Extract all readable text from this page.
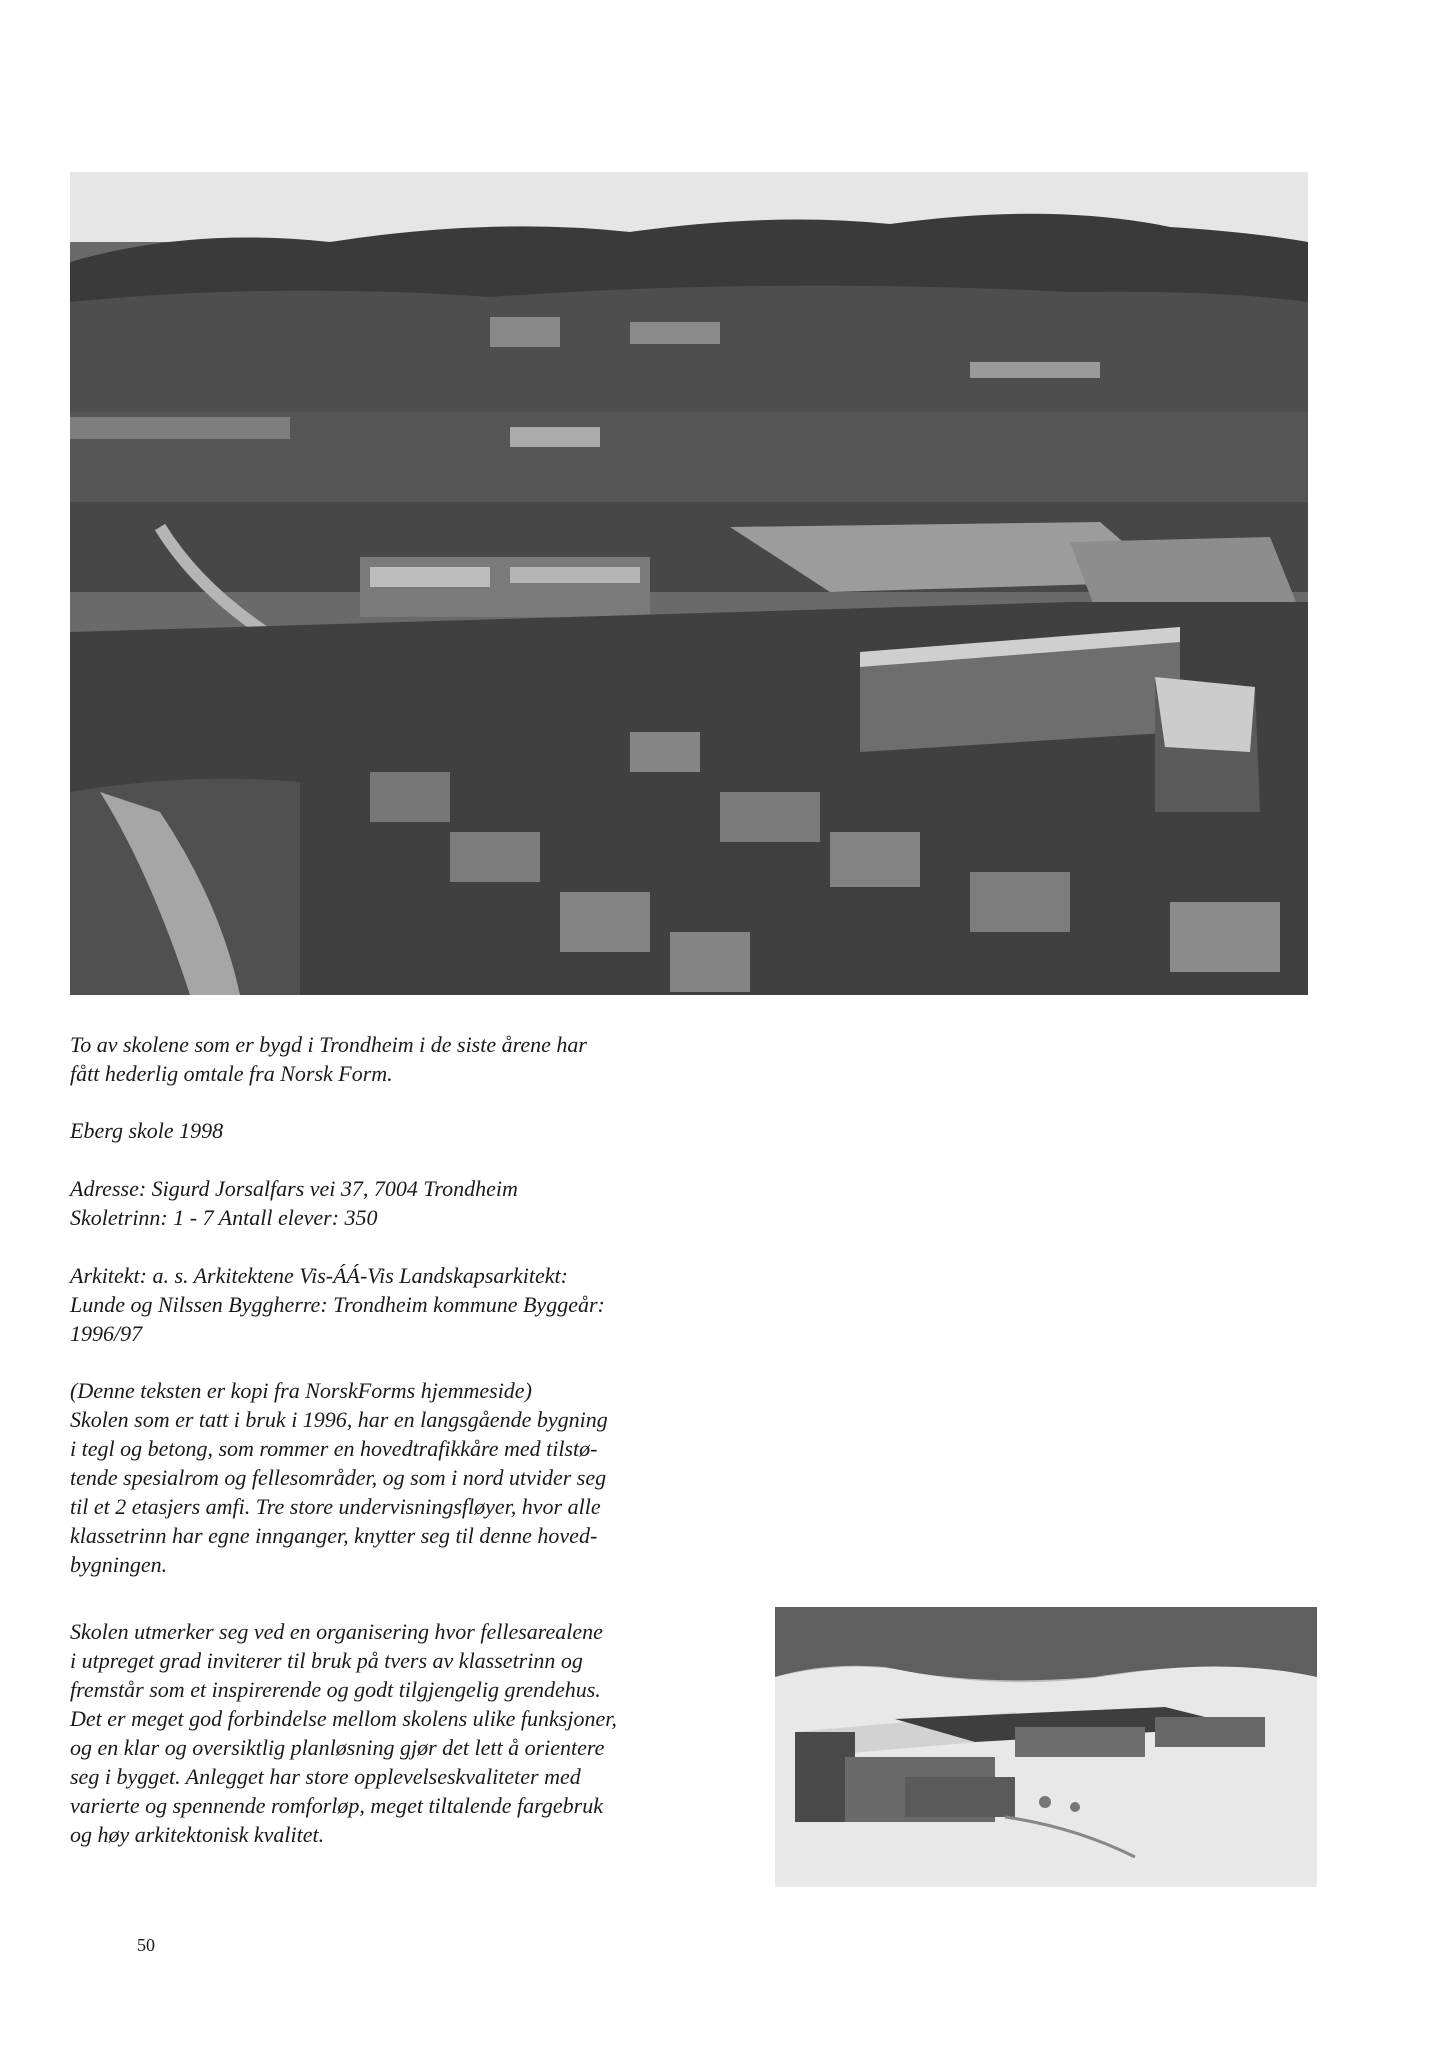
To av skolene som er bygd i Trondheim i de siste årene har

fått hederlig omtale fra Norsk Form.

Eberg skole 1998

Adresse: Sigurd Jorsalfars vei 37, 7004 Trondheim

Skoletrinn: 1 - 7 Antall elever: 350

Arkitekt: a. s. Arkitektene Vis-ÁÁ-Vis Landskapsarkitekt:

Lunde og Nilssen Byggherre: Trondheim kommune Byggeår:

1996/97

(Denne teksten er kopi fra NorskForms hjemmeside)

Skolen som er tatt i bruk i 1996, har en langsgående bygning

i tegl og betong, som rommer en hovedtrafikkåre med tilstø-

tende spesialrom og fellesområder, og som i nord utvider seg

til et 2 etasjers amfi. Tre store undervisningsfløyer, hvor alle

klassetrinn har egne innganger, knytter seg til denne hoved-

bygningen.

Skolen utmerker seg ved en organisering hvor fellesarealene

i utpreget grad inviterer til bruk på tvers av klassetrinn og

fremstår som et inspirerende og godt tilgjengelig grendehus.

Det er meget god forbindelse mellom skolens ulike funksjoner,

og en klar og oversiktlig planløsning gjør det lett å orientere

seg i bygget. Anlegget har store opplevelseskvaliteter med

varierte og spennende romforløp, meget tiltalende fargebruk

og høy arkitektonisk kvalitet.

50
